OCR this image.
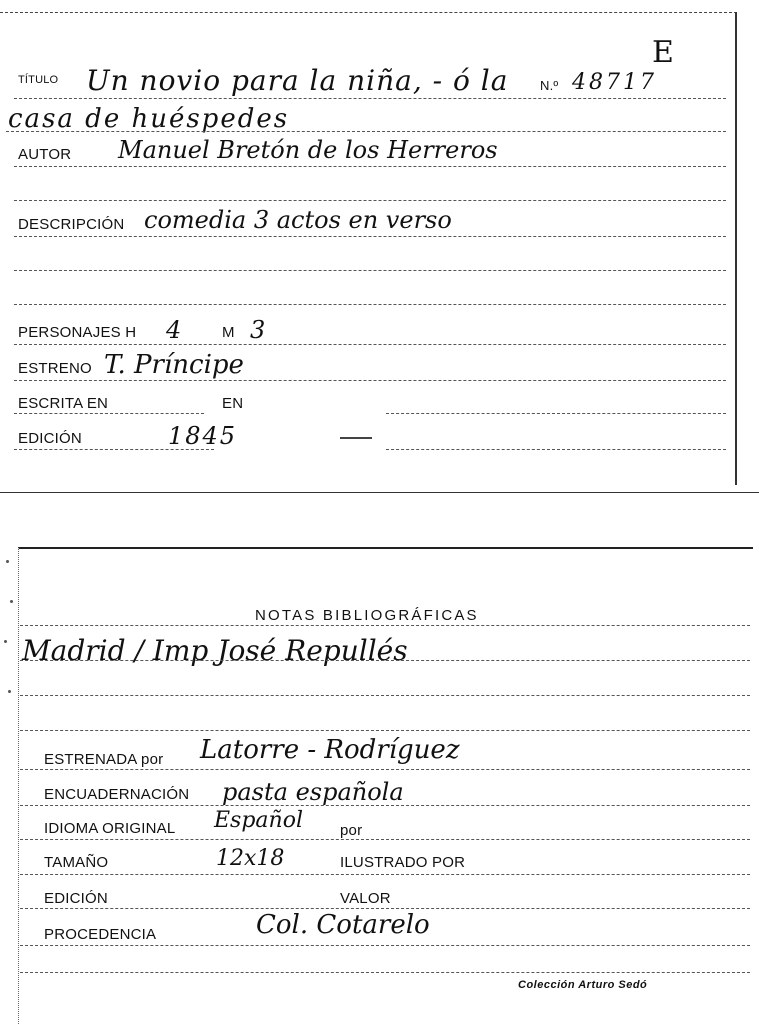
E
TÍTULO Un novio para la niña, - ó la N.º 48717
casa de huéspedes
AUTOR Manuel Bretón de los Herreros
DESCRIPCIÓN comedia 3 actos en verso
PERSONAJES H 4	M 3
ESTRENO T. Príncipe
ESCRITA EN	EN
EDICIÓN	1845
NOTAS BIBLIOGRÁFICAS
Madrid / Imp José Repullés
ESTRENADA por Latorre - Rodríguez
ENCUADERNACIÓN pasta española
IDIOMA ORIGINAL Español por
TAMAÑO	12x18	ILUSTRADO POR
EDICIÓN	VALOR
PROCEDENCIA	Col. Cotarelo
Colección Arturo Sedó
